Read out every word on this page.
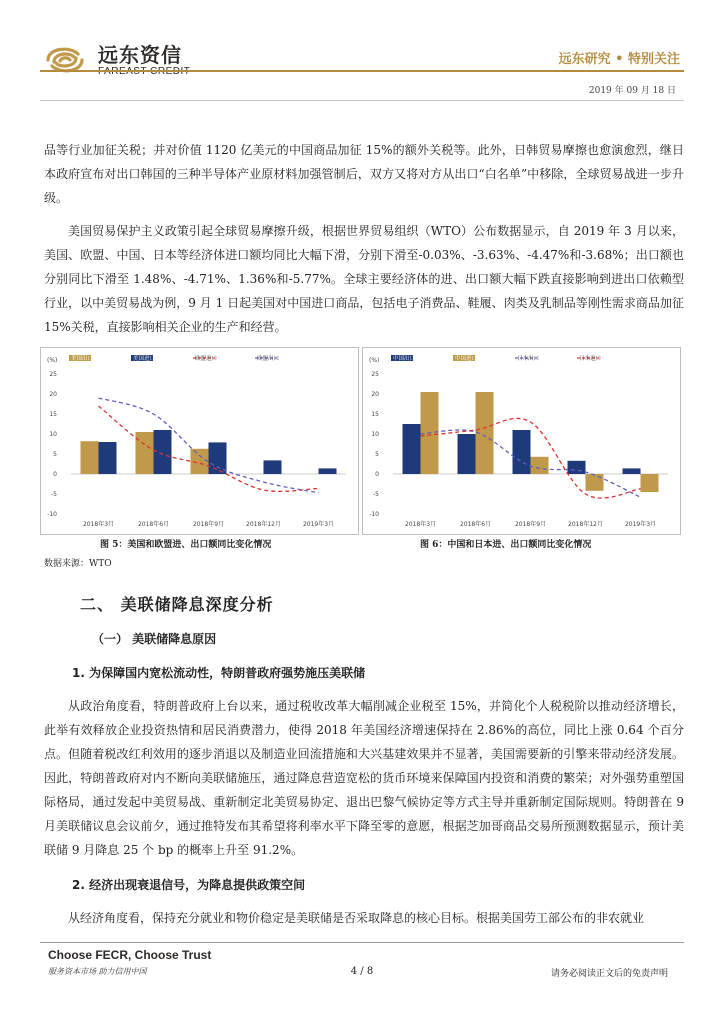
远东资信	远东研究 • 特别关注
2019 年 09 月 18 日

品等行业加征关税；并对价值 1120 亿美元的中国商品加征 15%的额外关税等。此外，日韩贸易摩擦也愈演愈烈，继日本政府宣布对出口韩国的三种半导体产业原材料加强管制后，双方又将对方从出口“白名单”中移除，全球贸易战进一步升级。

美国贸易保护主义政策引起全球贸易摩擦升级，根据世界贸易组织（WTO）公布数据显示，自 2019 年 3 月以来，美国、欧盟、中国、日本等经济体进口额均同比大幅下滑，分别下滑至-0.03%、-3.63%、-4.47%和-3.68%；出口额也分别同比下滑至 1.48%、-4.71%、1.36%和-5.77%。全球主要经济体的进、出口额大幅下跌直接影响到进出口依赖型行业，以中美贸易战为例，9 月 1 日起美国对中国进口商品，包括电子消费品、鞋履、肉类及乳制品等刚性需求商品加征 15%关税，直接影响相关企业的生产和经营。

(%)
-10
-5
0
5
10
15
20
25
美国出口	美国进口	欧盟进口	欧盟出口
2018年3月	2018年6月	2018年9月	2018年12月	2019年3月
(%)
-10
-5
0
5
10
15
20
25
中国出口	中国进口	日本出口	日本进口
2018年3月	2018年6月	2018年9月	2018年12月	2019年3月
图 5：美国和欧盟进、出口额同比变化情况	图 6：中国和日本进、出口额同比变化情况
数据来源：WTO
二、 美联储降息深度分析
（一） 美联储降息原因
1. 为保障国内宽松流动性，特朗普政府强势施压美联储

从政治角度看，特朗普政府上台以来，通过税收改革大幅削减企业税至 15%，并简化个人税税阶以推动经济增长，此举有效释放企业投资热情和居民消费潜力，使得 2018 年美国经济增速保持在 2.86%的高位，同比上涨 0.64 个百分点。但随着税改红利效用的逐步消退以及制造业回流措施和大兴基建效果并不显著，美国需要新的引擎来带动经济发展。因此，特朗普政府对内不断向美联储施压，通过降息营造宽松的货币环境来保障国内投资和消费的繁荣；对外强势重塑国际格局，通过发起中美贸易战、重新制定北美贸易协定、退出巴黎气候协定等方式主导并重新制定国际规则。特朗普在 9 月美联储议息会议前夕，通过推特发布其希望将利率水平下降至零的意愿，根据芝加哥商品交易所预测数据显示，预计美联储 9 月降息 25 个 bp 的概率上升至 91.2%。

2. 经济出现衰退信号，为降息提供政策空间

从经济角度看，保持充分就业和物价稳定是美联储是否采取降息的核心目标。根据美国劳工部公布的非农就业

Choose FECR, Choose Trust
服务资本市场 助力信用中国	4 / 8	请务必阅读正文后的免责声明
